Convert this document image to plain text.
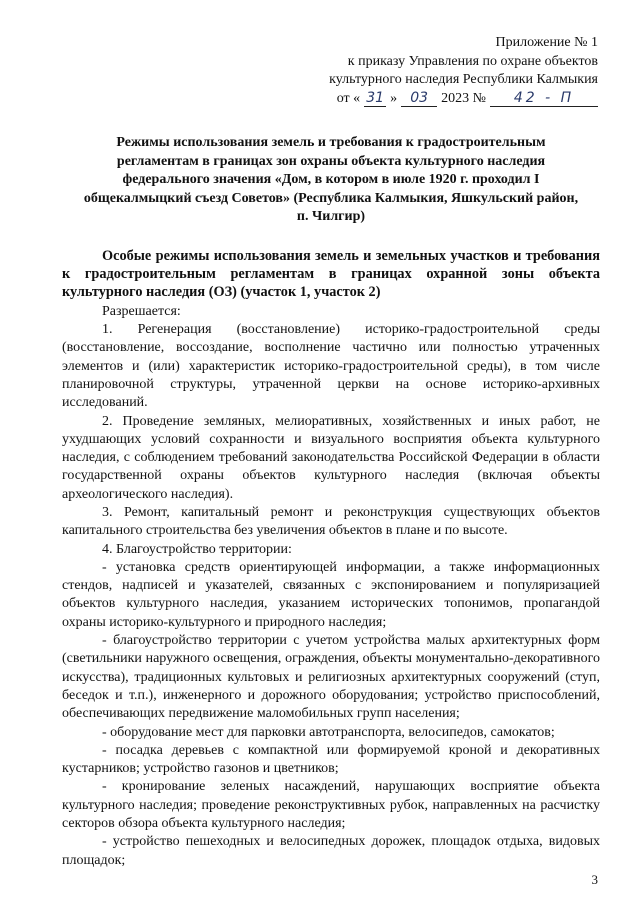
Приложение № 1
к приказу Управления по охране объектов
культурного наследия Республики Калмыкия
от « 31 » 03 2023 №	42 - П
Режимы использования земель и требования к градостроительным
регламентам в границах зон охраны объекта культурного наследия
федерального значения «Дом, в котором в июле 1920 г. проходил I
общекалмыцкий съезд Советов» (Республика Калмыкия, Яшкульский район,
п. Чилгир)
Особые режимы использования земель и земельных участков и требования к градостроительным регламентам в границах охранной зоны объекта культурного наследия (ОЗ) (участок 1, участок 2)

Разрешается:

1. Регенерация (восстановление) историко-градостроительной среды (восстановление, воссоздание, восполнение частично или полностью утраченных элементов и (или) характеристик историко-градостроительной среды), в том числе планировочной структуры, утраченной церкви на основе историко-архивных исследований.

2. Проведение земляных, мелиоративных, хозяйственных и иных работ, не ухудшающих условий сохранности и визуального восприятия объекта культурного наследия, с соблюдением требований законодательства Российской Федерации в области государственной охраны объектов культурного наследия (включая объекты археологического наследия).

3. Ремонт, капитальный ремонт и реконструкция существующих объектов капитального строительства без увеличения объектов в плане и по высоте.

4. Благоустройство территории:

- установка средств ориентирующей информации, а также информационных стендов, надписей и указателей, связанных с экспонированием и популяризацией объектов культурного наследия, указанием исторических топонимов, пропагандой охраны историко-культурного и природного наследия;

- благоустройство территории с учетом устройства малых архитектурных форм (светильники наружного освещения, ограждения, объекты монументально-декоративного искусства), традиционных культовых и религиозных архитектурных сооружений (ступ, беседок и т.п.), инженерного и дорожного оборудования; устройство приспособлений, обеспечивающих передвижение маломобильных групп населения;

- оборудование мест для парковки автотранспорта, велосипедов, самокатов;

- посадка деревьев с компактной или формируемой кроной и декоративных кустарников; устройство газонов и цветников;

- кронирование зеленых насаждений, нарушающих восприятие объекта культурного наследия; проведение реконструктивных рубок, направленных на расчистку секторов обзора объекта культурного наследия;

- устройство пешеходных и велосипедных дорожек, площадок отдыха, видовых площадок;

3
